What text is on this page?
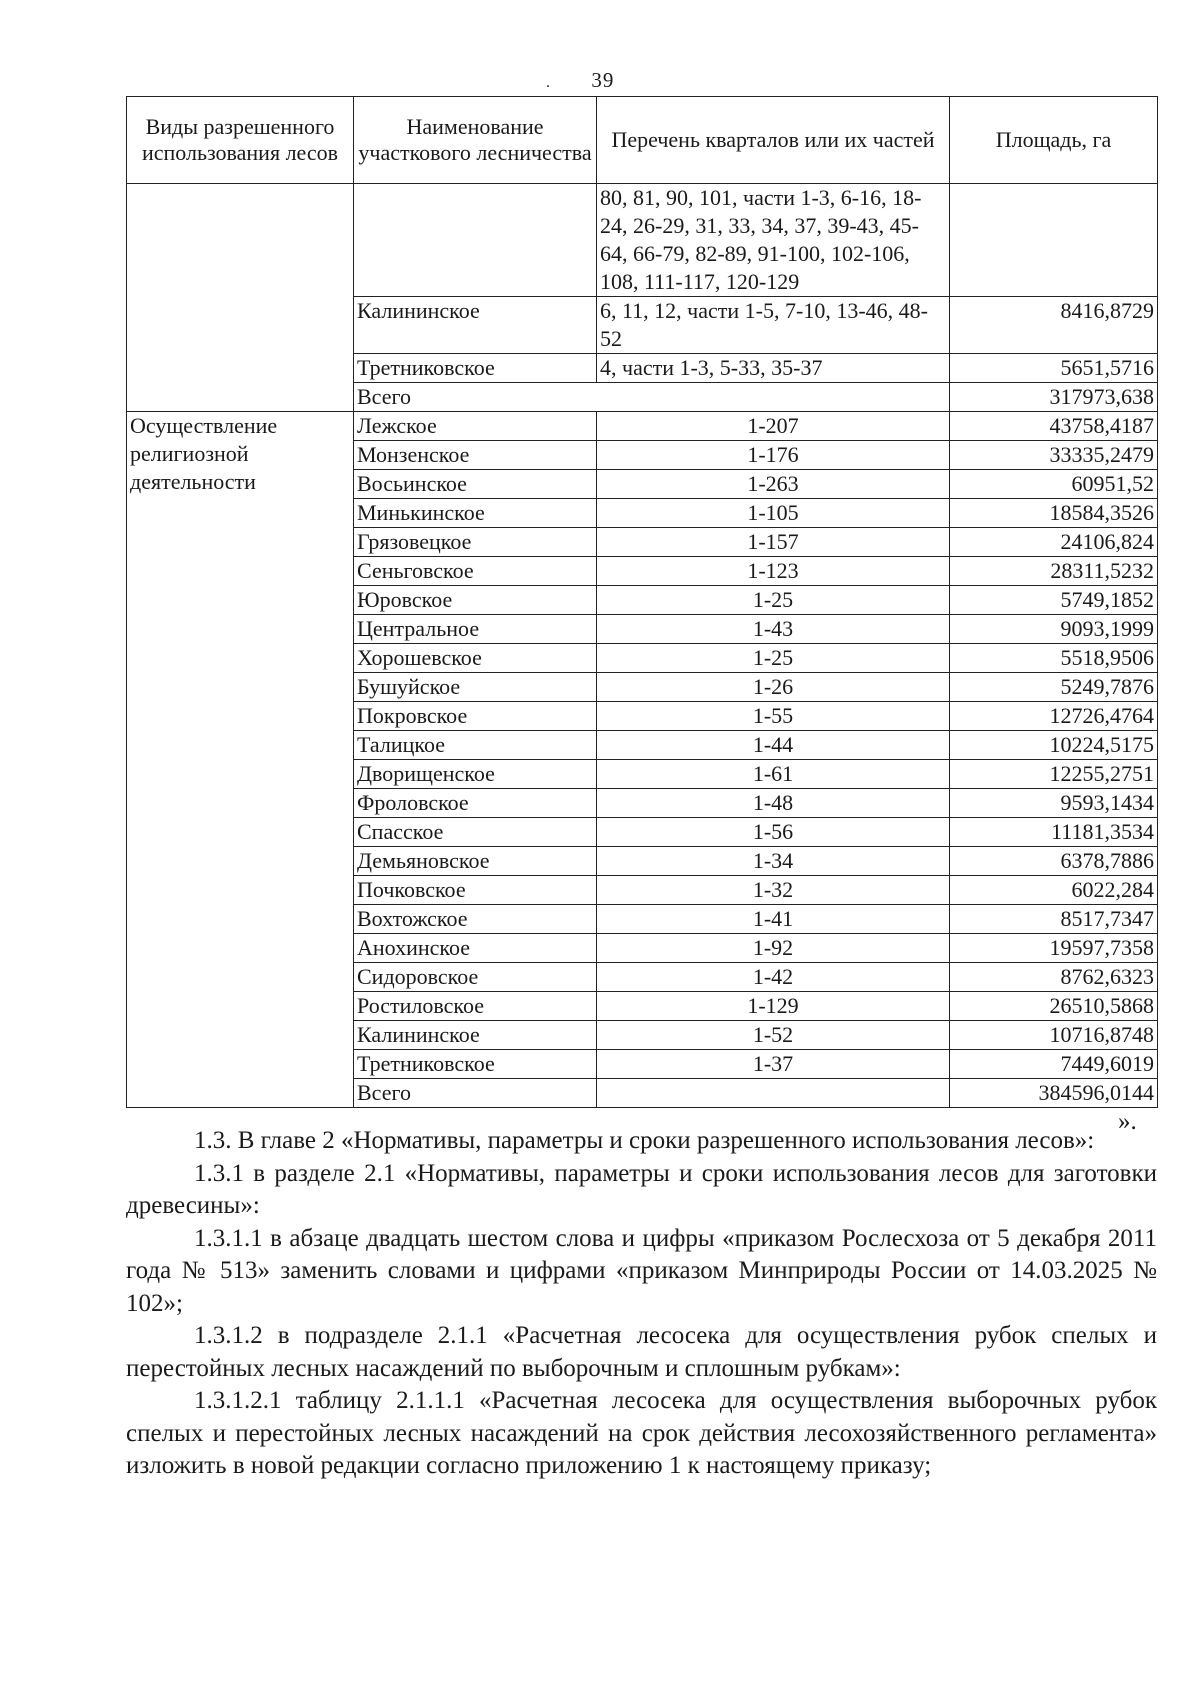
․ 39
Виды разрешенного использования лесов	Наименование участкового лесничества	Перечень кварталов или их частей	Площадь, га
		80, 81, 90, 101, части 1-3, 6-16, 18-24, 26-29, 31, 33, 34, 37, 39-43, 45-64, 66-79, 82-89, 91-100, 102-106, 108, 111-117, 120-129	
	Калининское	6, 11, 12, части 1-5, 7-10, 13-46, 48-52	8416,8729
	Третниковское	4, части 1-3, 5-33, 35-37	5651,5716
	Всего		317973,638
Осуществление религиозной деятельности	Лежское	1-207	43758,4187
	Монзенское	1-176	33335,2479
	Восьинское	1-263	60951,52
	Минькинское	1-105	18584,3526
	Грязовецкое	1-157	24106,824
	Сеньговское	1-123	28311,5232
	Юровское	1-25	5749,1852
	Центральное	1-43	9093,1999
	Хорошевское	1-25	5518,9506
	Бушуйское	1-26	5249,7876
	Покровское	1-55	12726,4764
	Талицкое	1-44	10224,5175
	Дворищенское	1-61	12255,2751
	Фроловское	1-48	9593,1434
	Спасское	1-56	11181,3534
	Демьяновское	1-34	6378,7886
	Почковское	1-32	6022,284
	Вохтожское	1-41	8517,7347
	Анохинское	1-92	19597,7358
	Сидоровское	1-42	8762,6323
	Ростиловское	1-129	26510,5868
	Калининское	1-52	10716,8748
	Третниковское	1-37	7449,6019
	Всего		384596,0144
».

1.3. В главе 2 «Нормативы, параметры и сроки разрешенного использования лесов»:

1.3.1 в разделе 2.1 «Нормативы, параметры и сроки использования лесов для заготовки древесины»:

1.3.1.1 в абзаце двадцать шестом слова и цифры «приказом Рослесхоза от 5 декабря 2011 года № 513» заменить словами и цифрами «приказом Минприроды России от 14.03.2025 № 102»;

1.3.1.2 в подразделе 2.1.1 «Расчетная лесосека для осуществления рубок спелых и перестойных лесных насаждений по выборочным и сплошным рубкам»:

1.3.1.2.1 таблицу 2.1.1.1 «Расчетная лесосека для осуществления выборочных рубок спелых и перестойных лесных насаждений на срок действия лесохозяйственного регламента» изложить в новой редакции согласно приложению 1 к настоящему приказу;
